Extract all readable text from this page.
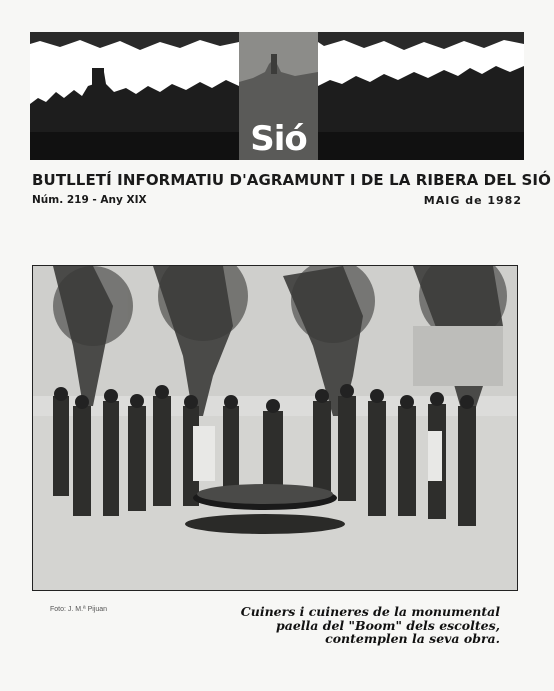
Sió
BUTLLETÍ INFORMATIU D'AGRAMUNT I DE LA RIBERA DEL SIÓ
Núm. 219 - Any XIX	MAIG de 1982
Foto: J. M.ª Pijuan	Cuiners i cuineres de la monumental
paella del "Boom" dels escoltes,
contemplen la seva obra.
